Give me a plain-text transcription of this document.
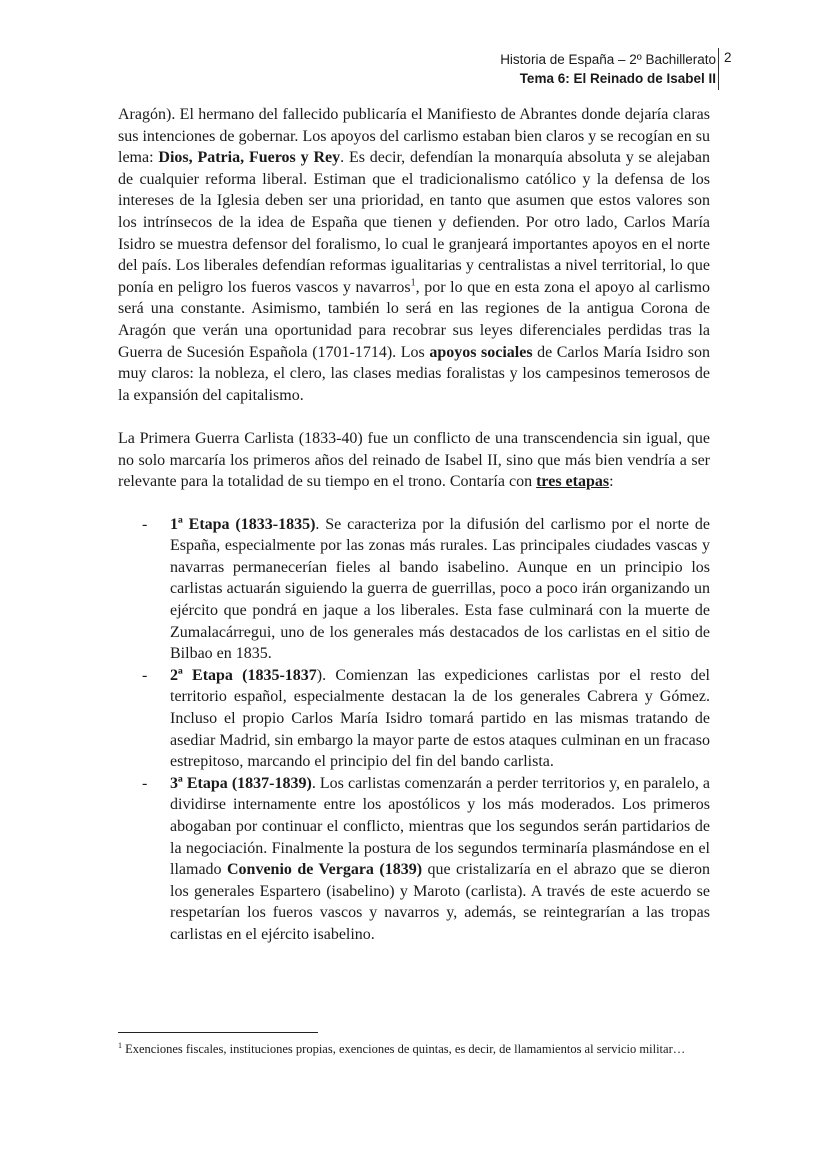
Historia de España – 2º Bachillerato
Tema 6: El Reinado de Isabel II
2

Aragón). El hermano del fallecido publicaría el Manifiesto de Abrantes donde dejaría claras sus intenciones de gobernar. Los apoyos del carlismo estaban bien claros y se recogían en su lema: Dios, Patria, Fueros y Rey. Es decir, defendían la monarquía absoluta y se alejaban de cualquier reforma liberal. Estiman que el tradicionalismo católico y la defensa de los intereses de la Iglesia deben ser una prioridad, en tanto que asumen que estos valores son los intrínsecos de la idea de España que tienen y defienden. Por otro lado, Carlos María Isidro se muestra defensor del foralismo, lo cual le granjeará importantes apoyos en el norte del país. Los liberales defendían reformas igualitarias y centralistas a nivel territorial, lo que ponía en peligro los fueros vascos y navarros$^1$, por lo que en esta zona el apoyo al carlismo será una constante. Asimismo, también lo será en las regiones de la antigua Corona de Aragón que verán una oportunidad para recobrar sus leyes diferenciales perdidas tras la Guerra de Sucesión Española (1701-1714). Los apoyos sociales de Carlos María Isidro son muy claros: la nobleza, el clero, las clases medias foralistas y los campesinos temerosos de la expansión del capitalismo.

La Primera Guerra Carlista (1833-40) fue un conflicto de una transcendencia sin igual, que no solo marcaría los primeros años del reinado de Isabel II, sino que más bien vendría a ser relevante para la totalidad de su tiempo en el trono. Contaría con tres etapas:

- 1ª Etapa (1833-1835). Se caracteriza por la difusión del carlismo por el norte de España, especialmente por las zonas más rurales. Las principales ciudades vascas y navarras permanecerían fieles al bando isabelino. Aunque en un principio los carlistas actuarán siguiendo la guerra de guerrillas, poco a poco irán organizando un ejército que pondrá en jaque a los liberales. Esta fase culminará con la muerte de Zumalacárregui, uno de los generales más destacados de los carlistas en el sitio de Bilbao en 1835.
- 2ª Etapa (1835-1837). Comienzan las expediciones carlistas por el resto del territorio español, especialmente destacan la de los generales Cabrera y Gómez. Incluso el propio Carlos María Isidro tomará partido en las mismas tratando de asediar Madrid, sin embargo la mayor parte de estos ataques culminan en un fracaso estrepitoso, marcando el principio del fin del bando carlista.
- 3ª Etapa (1837-1839). Los carlistas comenzarán a perder territorios y, en paralelo, a dividirse internamente entre los apostólicos y los más moderados. Los primeros abogaban por continuar el conflicto, mientras que los segundos serán partidarios de la negociación. Finalmente la postura de los segundos terminaría plasmándose en el llamado Convenio de Vergara (1839) que cristalizaría en el abrazo que se dieron los generales Espartero (isabelino) y Maroto (carlista). A través de este acuerdo se respetarían los fueros vascos y navarros y, además, se reintegrarían a las tropas carlistas en el ejército isabelino.
$^1$ Exenciones fiscales, instituciones propias, exenciones de quintas, es decir, de llamamientos al servicio militar…
